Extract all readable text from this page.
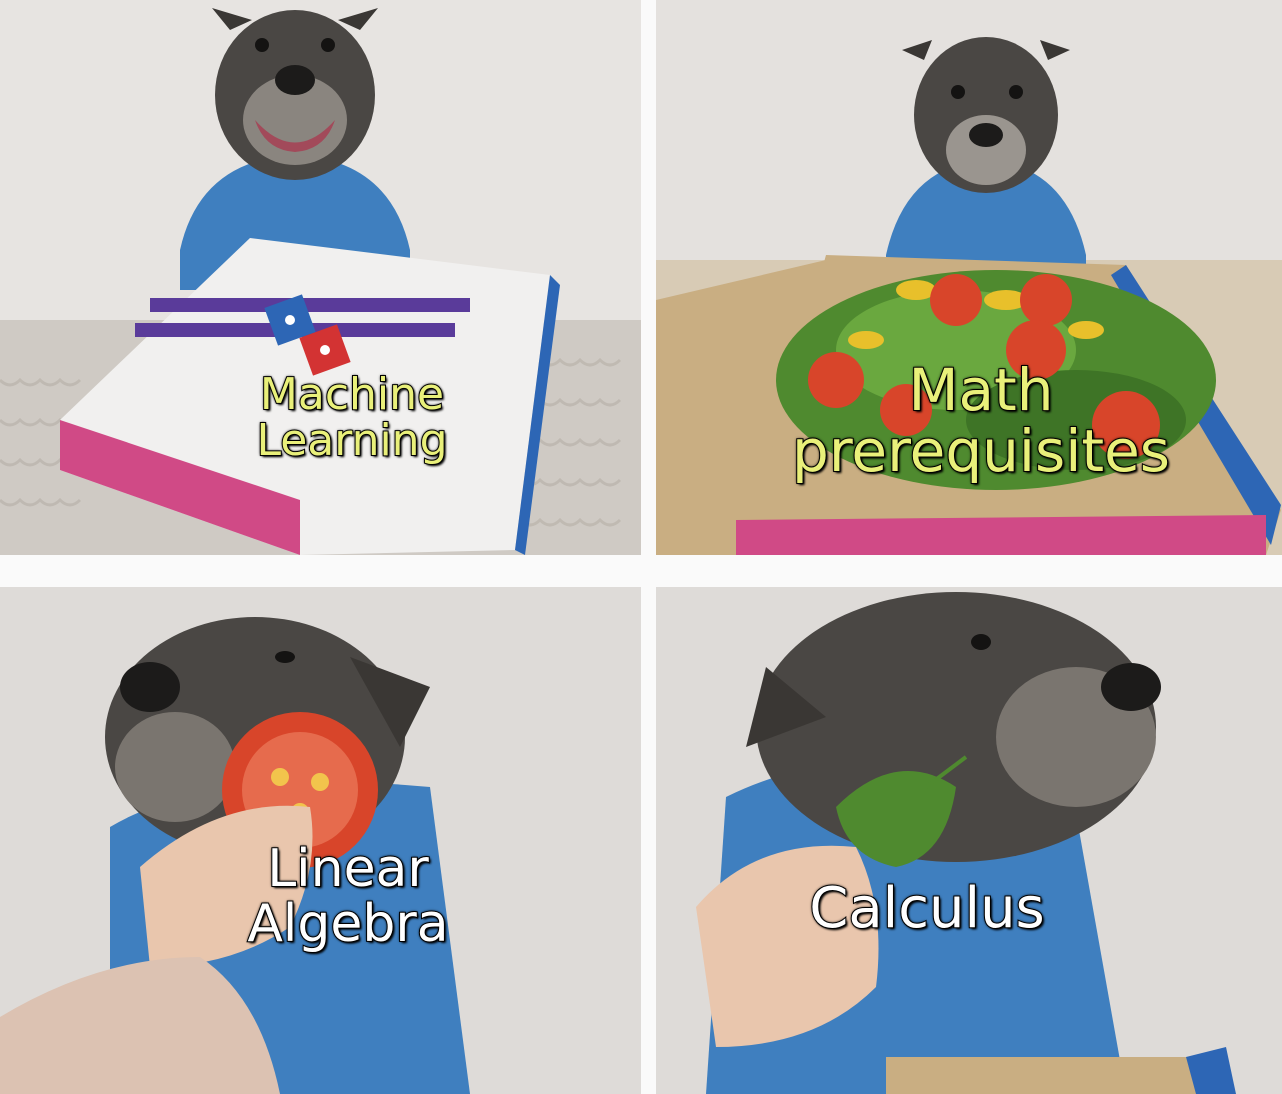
Machine
Learning
Math
prerequisites
Linear
Algebra	Calculus
